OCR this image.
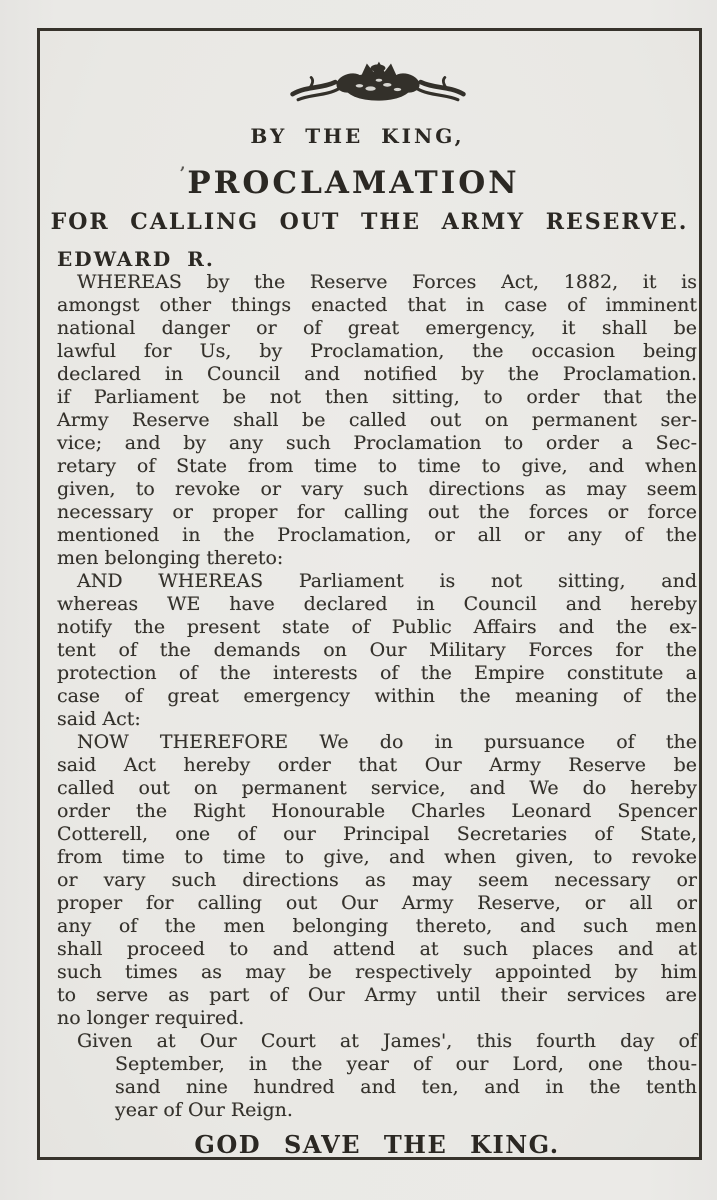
BY THE KING,
’PROCLAMATION
FOR CALLING OUT THE ARMY RESERVE.
EDWARD R.
WHEREAS by the Reserve Forces Act, 1882, it is
amongst other things enacted that in case of imminent
national danger or of great emergency, it shall be
lawful for Us, by Proclamation, the occasion being
declared in Council and notified by the Proclamation.
if Parliament be not then sitting, to order that the
Army Reserve shall be called out on permanent ser-
vice; and by any such Proclamation to order a Sec-
retary of State from time to time to give, and when
given, to revoke or vary such directions as may seem
necessary or proper for calling out the forces or force
mentioned in the Proclamation, or all or any of the
men belonging thereto:
AND WHEREAS Parliament is not sitting, and
whereas WE have declared in Council and hereby
notify the present state of Public Affairs and the ex-
tent of the demands on Our Military Forces for the
protection of the interests of the Empire constitute a
case of great emergency within the meaning of the
said Act:
NOW THEREFORE We do in pursuance of the
said Act hereby order that Our Army Reserve be
called out on permanent service, and We do hereby
order the Right Honourable Charles Leonard Spencer
Cotterell, one of our Principal Secretaries of State,
from time to time to give, and when given, to revoke
or vary such directions as may seem necessary or
proper for calling out Our Army Reserve, or all or
any of the men belonging thereto, and such men
shall proceed to and attend at such places and at
such times as may be respectively appointed by him
to serve as part of Our Army until their services are
no longer required.
Given at Our Court at James', this fourth day of
September, in the year of our Lord, one thou-
sand nine hundred and ten, and in the tenth
year of Our Reign.
GOD SAVE THE KING.
